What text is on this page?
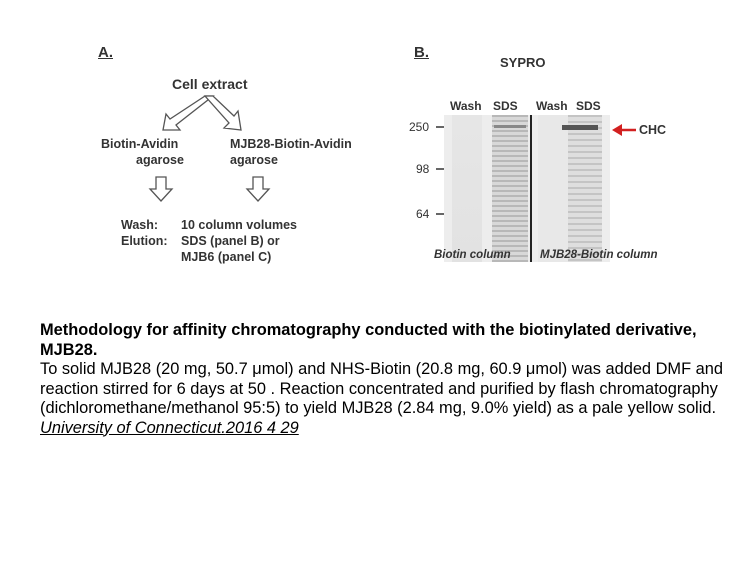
A.
Cell extract
Biotin-Avidin
agarose
MJB28-Biotin-Avidin
agarose
Wash: 10 column volumes
Elution: SDS (panel B) or
MJB6 (panel C)
B.
SYPRO
Wash SDS Wash SDS
250
98
64
CHC
Biotin column	MJB28-Biotin column
Methodology for affinity chromatography conducted with the biotinylated derivative, MJB28.
To solid MJB28 (20 mg, 50.7 μmol) and NHS-Biotin (20.8 mg, 60.9 μmol) was added DMF and reaction stirred for 6 days at 50 . Reaction concentrated and purified by flash chromatography (dichloromethane/methanol 95:5) to yield MJB28 (2.84 mg, 9.0% yield) as a pale yellow solid. University of Connecticut.2016 4 29
